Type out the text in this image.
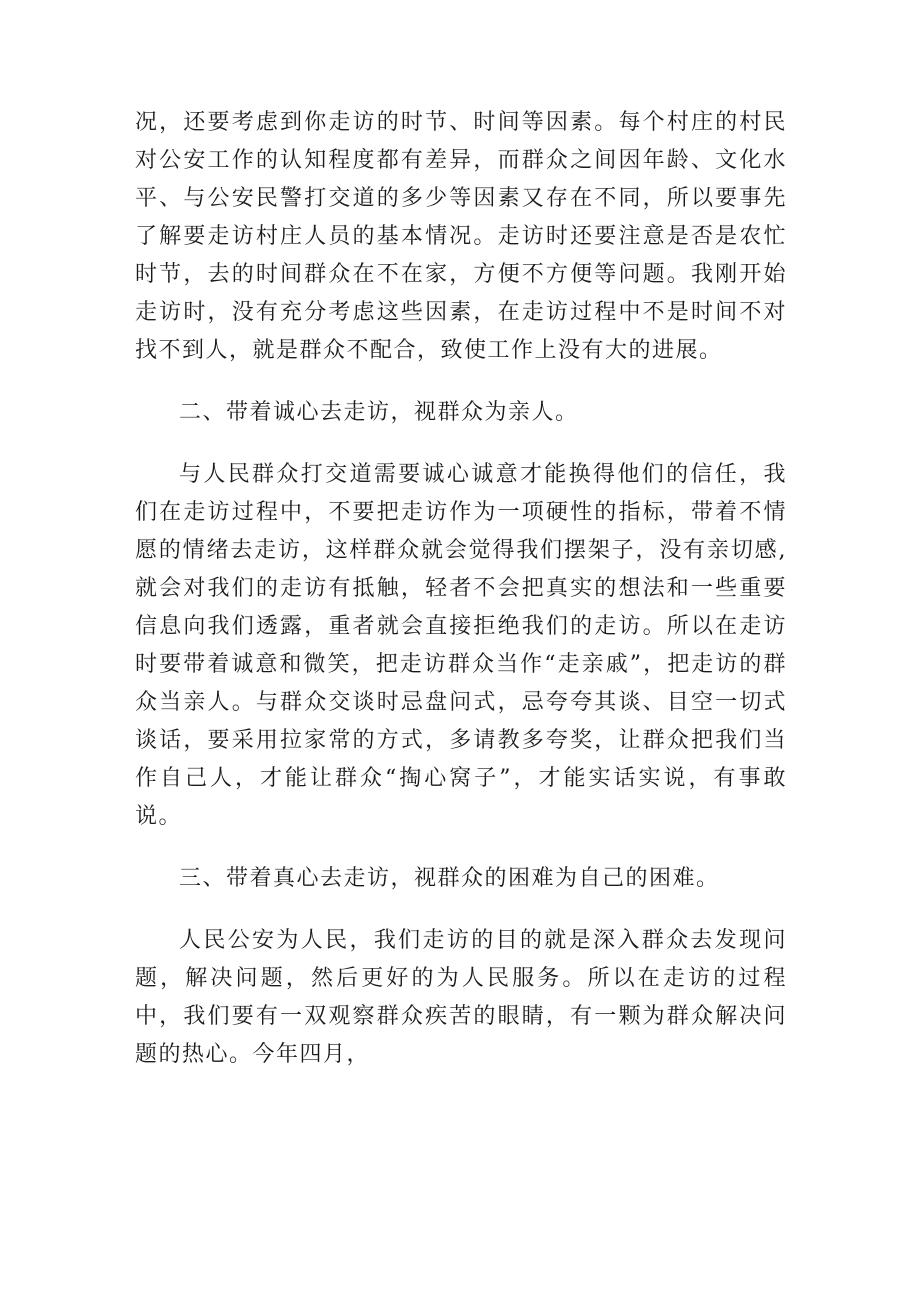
况，还要考虑到你走访的时节、时间等因素。每个村庄的村民对公安工作的认知程度都有差异，而群众之间因年龄、文化水平、与公安民警打交道的多少等因素又存在不同，所以要事先了解要走访村庄人员的基本情况。走访时还要注意是否是农忙时节，去的时间群众在不在家，方便不方便等问题。我刚开始走访时，没有充分考虑这些因素，在走访过程中不是时间不对找不到人，就是群众不配合，致使工作上没有大的进展。

二、带着诚心去走访，视群众为亲人。

与人民群众打交道需要诚心诚意才能换得他们的信任，我们在走访过程中，不要把走访作为一项硬性的指标，带着不情愿的情绪去走访，这样群众就会觉得我们摆架子，没有亲切感,就会对我们的走访有抵触，轻者不会把真实的想法和一些重要信息向我们透露，重者就会直接拒绝我们的走访。所以在走访时要带着诚意和微笑，把走访群众当作“走亲戚”，把走访的群众当亲人。与群众交谈时忌盘问式，忌夸夸其谈、目空一切式谈话，要采用拉家常的方式，多请教多夸奖，让群众把我们当作自己人，才能让群众“掏心窝子”，才能实话实说，有事敢说。

三、带着真心去走访，视群众的困难为自己的困难。

人民公安为人民，我们走访的目的就是深入群众去发现问题，解决问题，然后更好的为人民服务。所以在走访的过程中，我们要有一双观察群众疾苦的眼睛，有一颗为群众解决问题的热心。今年四月，
